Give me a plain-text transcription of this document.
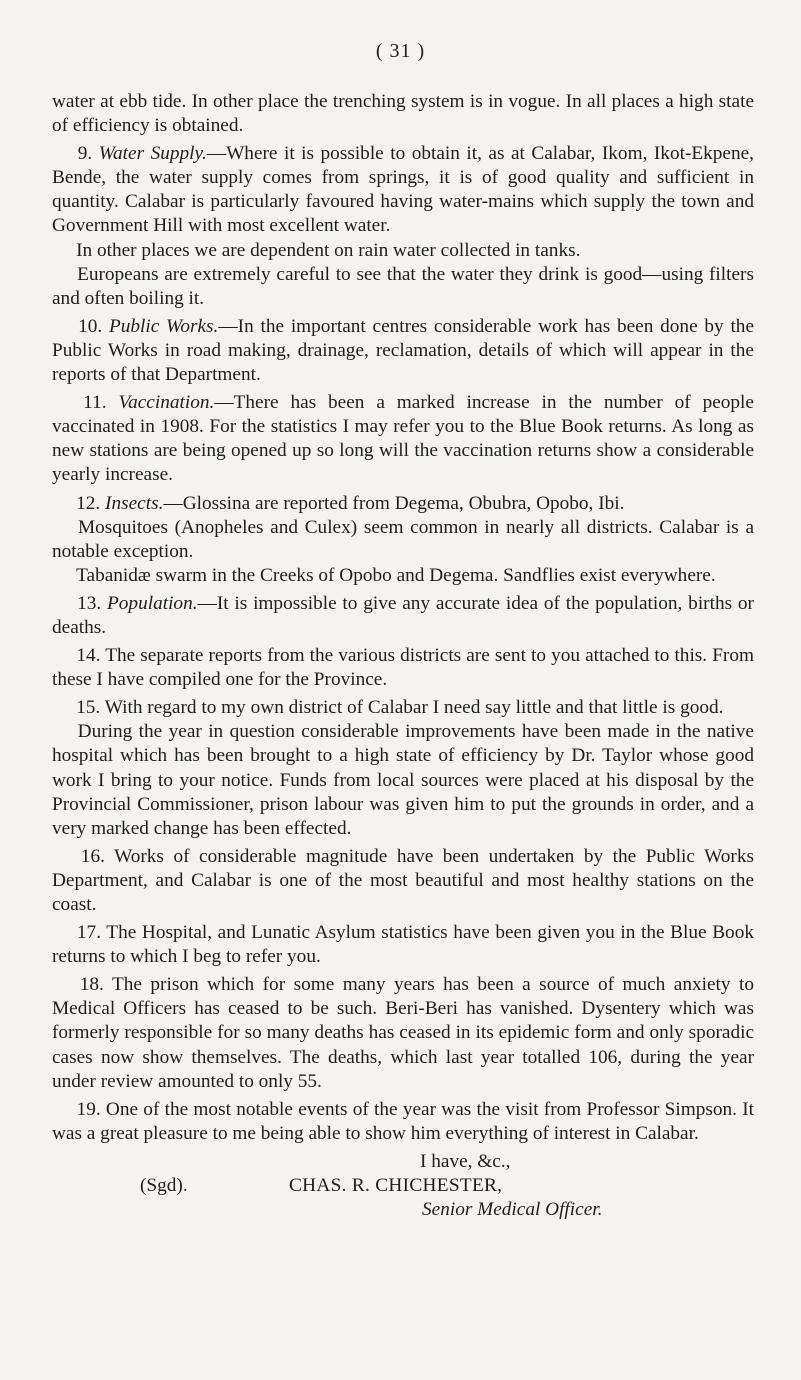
( 31 )

water at ebb tide. In other place the trenching system is in vogue. In all places a high state of efficiency is obtained.

  9. Water Supply.—Where it is possible to obtain it, as at Calabar, Ikom, Ikot-Ekpene, Bende, the water supply comes from springs, it is of good quality and sufficient in quantity. Calabar is particularly favoured having water-mains which supply the town and Government Hill with most excellent water.

  In other places we are dependent on rain water collected in tanks.

  Europeans are extremely careful to see that the water they drink is good—using filters and often boiling it.

  10. Public Works.—In the important centres considerable work has been done by the Public Works in road making, drainage, reclamation, details of which will appear in the reports of that Department.

  11. Vaccination.—There has been a marked increase in the number of people vaccinated in 1908. For the statistics I may refer you to the Blue Book returns. As long as new stations are being opened up so long will the vaccination returns show a considerable yearly increase.

  12. Insects.—Glossina are reported from Degema, Obubra, Opobo, Ibi.

  Mosquitoes (Anopheles and Culex) seem common in nearly all districts. Calabar is a notable exception.

  Tabanidæ swarm in the Creeks of Opobo and Degema. Sandflies exist everywhere.

  13. Population.—It is impossible to give any accurate idea of the population, births or deaths.

  14. The separate reports from the various districts are sent to you attached to this. From these I have compiled one for the Province.

  15. With regard to my own district of Calabar I need say little and that little is good.

  During the year in question considerable improvements have been made in the native hospital which has been brought to a high state of efficiency by Dr. Taylor whose good work I bring to your notice. Funds from local sources were placed at his disposal by the Provincial Commissioner, prison labour was given him to put the grounds in order, and a very marked change has been effected.

  16. Works of considerable magnitude have been undertaken by the Public Works Department, and Calabar is one of the most beautiful and most healthy stations on the coast.

  17. The Hospital, and Lunatic Asylum statistics have been given you in the Blue Book returns to which I beg to refer you.

  18. The prison which for some many years has been a source of much anxiety to Medical Officers has ceased to be such. Beri-Beri has vanished. Dysentery which was formerly responsible for so many deaths has ceased in its epidemic form and only sporadic cases now show themselves. The deaths, which last year totalled 106, during the year under review amounted to only 55.

  19. One of the most notable events of the year was the visit from Professor Simpson. It was a great pleasure to me being able to show him everything of interest in Calabar.

I have, &c.,
(Sgd).	CHAS. R. CHICHESTER,
Senior Medical Officer.
